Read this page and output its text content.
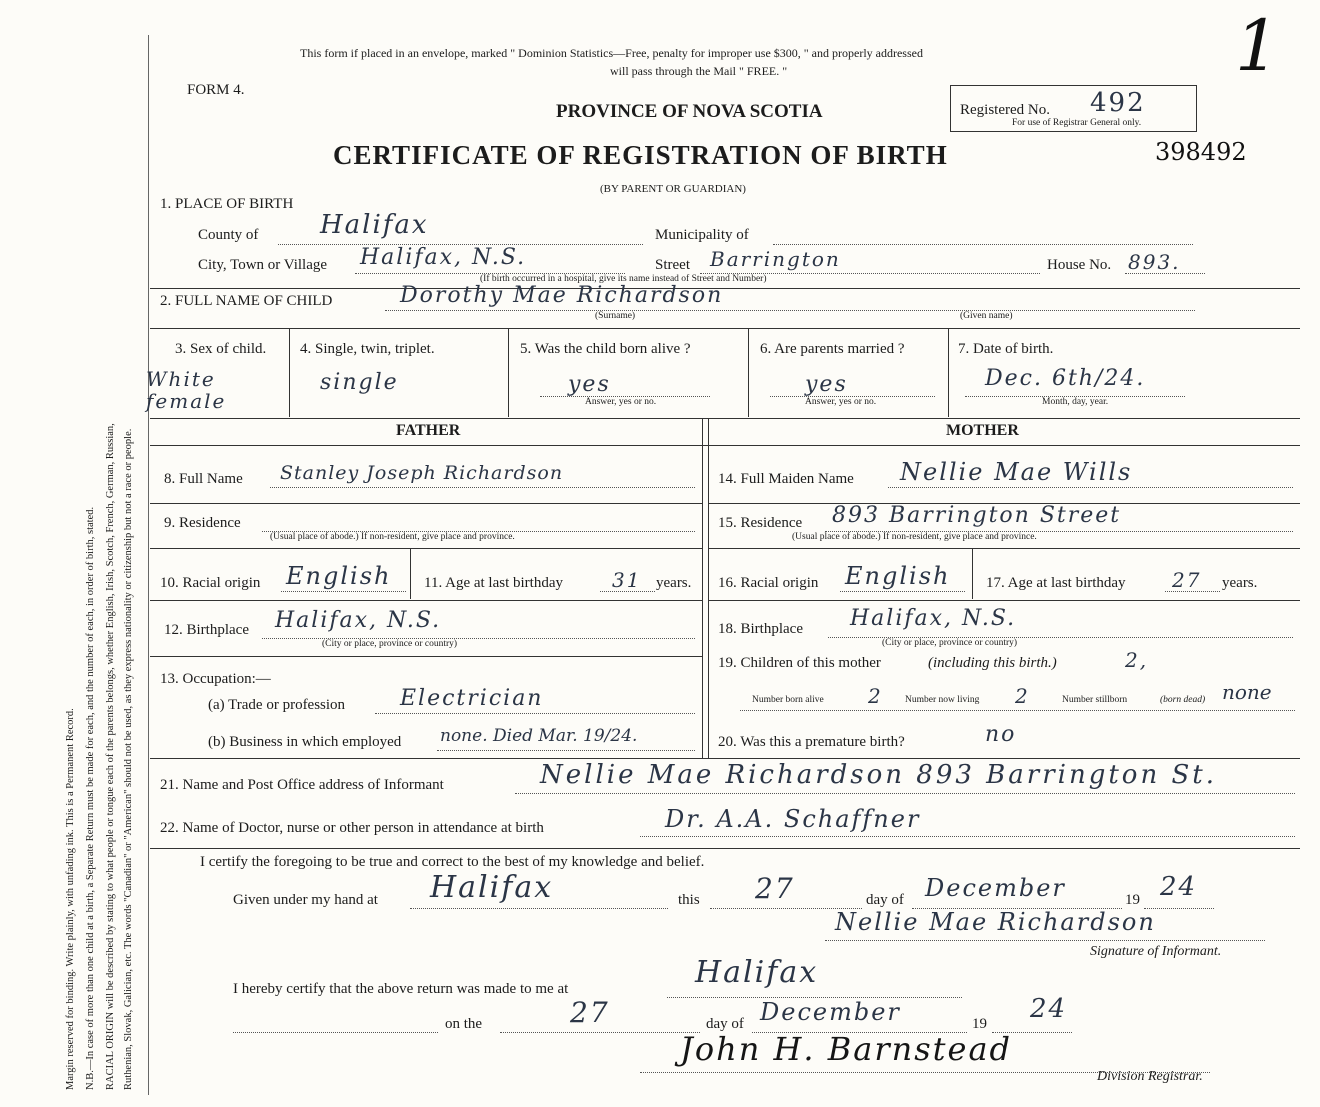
Margin reserved for binding. Write plainly, with unfading ink. This is a Permanent Record. N.B.—In case of more than one child at a birth, a Separate Return must be made for each, and the number of each, in order of birth, stated. RACIAL ORIGIN will be described by stating to what people or tongue each of the parents belongs, whether English, Irish, Scotch, French, German, Russian, Ruthenian, Slovak, Galician, etc. The words "Canadian" or "American" should not be used, as they express nationality or citizenship but not a race or people.
This form if placed in an envelope, marked " Dominion Statistics—Free, penalty for improper use $300, " and properly addressed
will pass through the Mail " FREE. "
FORM 4.
PROVINCE OF NOVA SCOTIA
CERTIFICATE OF REGISTRATION OF BIRTH
(BY PARENT OR GUARDIAN)
Registered No. 492
For use of Registrar General only.
398492
1
1. PLACE OF BIRTH
County of Halifax	Municipality of
City, Town or Village Halifax, N.S.	Street Barrington	House No. 893.
(If birth occurred in a hospital, give its name instead of Street and Number)
2. FULL NAME OF CHILD	Dorothy Mae Richardson
(Surname)	(Given name)
3. Sex of child.
White female
4. Single, twin, triplet.
single
5. Was the child born alive ?
yes
Answer, yes or no.
6. Are parents married ?
yes
Answer, yes or no.
7. Date of birth.
Dec. 6th/24.
Month, day, year.
FATHER	MOTHER
8. Full Name Stanley Joseph Richardson
9. Residence
(Usual place of abode.) If non-resident, give place and province.
10. Racial origin English 11. Age at last birthday 31 years.
12. Birthplace Halifax, N.S.
(City or place, province or country)
13. Occupation:—
(a) Trade or profession Electrician
(b) Business in which employed none. Died Mar. 19/24.
14. Full Maiden Name Nellie Mae Wills
15. Residence 893 Barrington Street
(Usual place of abode.) If non-resident, give place and province.
16. Racial origin English 17. Age at last birthday 27 years.
18. Birthplace Halifax, N.S.
(City or place, province or country)
19. Children of this mother	(including this birth.)	2,
Number born alive 2 Number now living 2	Number stillborn	(born dead) none
20. Was this a premature birth?	no
21. Name and Post Office address of Informant	Nellie Mae Richardson 893 Barrington St.
22. Name of Doctor, nurse or other person in attendance at birth	Dr. A.A. Schaffner
I certify the foregoing to be true and correct to the best of my knowledge and belief.
Given under my hand at Halifax	this 27	day of December	19 24
Nellie Mae Richardson
Signature of Informant.
I hereby certify that the above return was made to me at	Halifax
on the	27	day of December	19 24
John H. Barnstead
Division Registrar.
